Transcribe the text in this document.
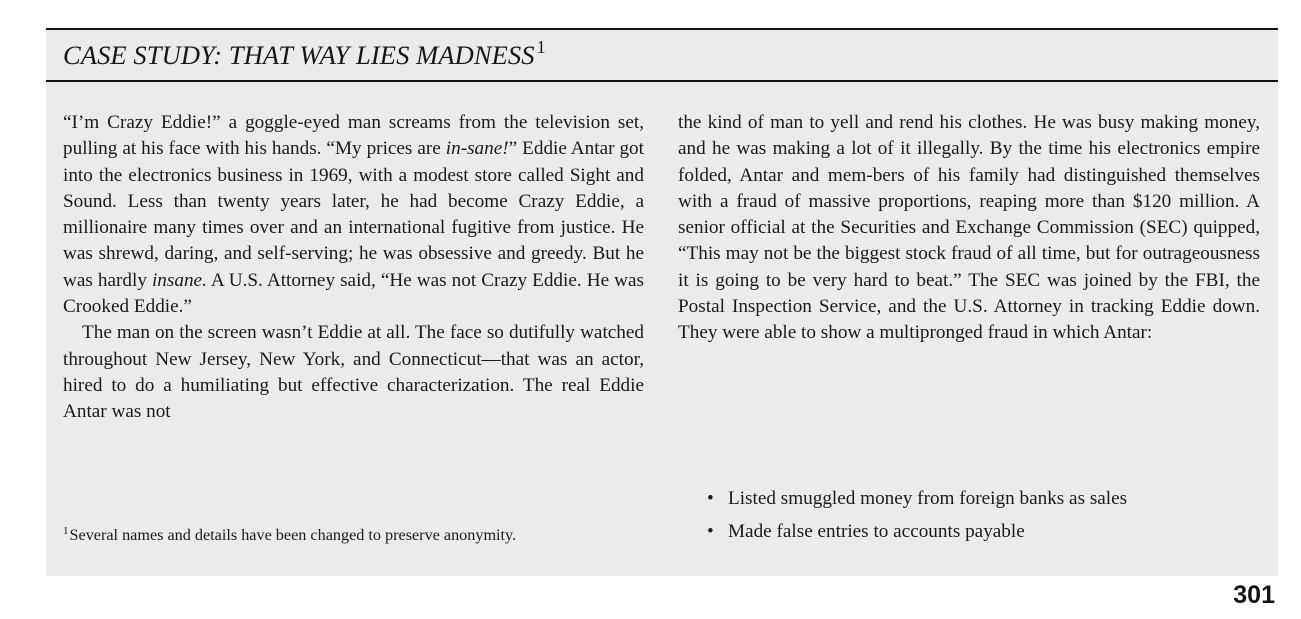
CASE STUDY: THAT WAY LIES MADNESS $^1$

“I’m Crazy Eddie!” a goggle-eyed man screams from the television set, pulling at his face with his hands. “My prices are in-sane!” Eddie Antar got into the electronics business in 1969, with a modest store called Sight and Sound. Less than twenty years later, he had become Crazy Eddie, a millionaire many times over and an international fugitive from justice. He was shrewd, daring, and self-serving; he was obsessive and greedy. But he was hardly insane. A U.S. Attorney said, “He was not Crazy Eddie. He was Crooked Eddie.”

The man on the screen wasn’t Eddie at all. The face so dutifully watched throughout New Jersey, New York, and Connecticut—that was an actor, hired to do a humiliating but effective characterization. The real Eddie Antar was not

the kind of man to yell and rend his clothes. He was busy making money, and he was making a lot of it illegally. By the time his electronics empire folded, Antar and mem-bers of his family had distinguished themselves with a fraud of massive proportions, reaping more than $120 million. A senior official at the Securities and Exchange Commission (SEC) quipped, “This may not be the biggest stock fraud of all time, but for outrageousness it is going to be very hard to beat.” The SEC was joined by the FBI, the Postal Inspection Service, and the U.S. Attorney in tracking Eddie down. They were able to show a multipronged fraud in which Antar:

• Listed smuggled money from foreign banks as sales
• Made false entries to accounts payable
$^1$Several names and details have been changed to preserve anonymity.
301
